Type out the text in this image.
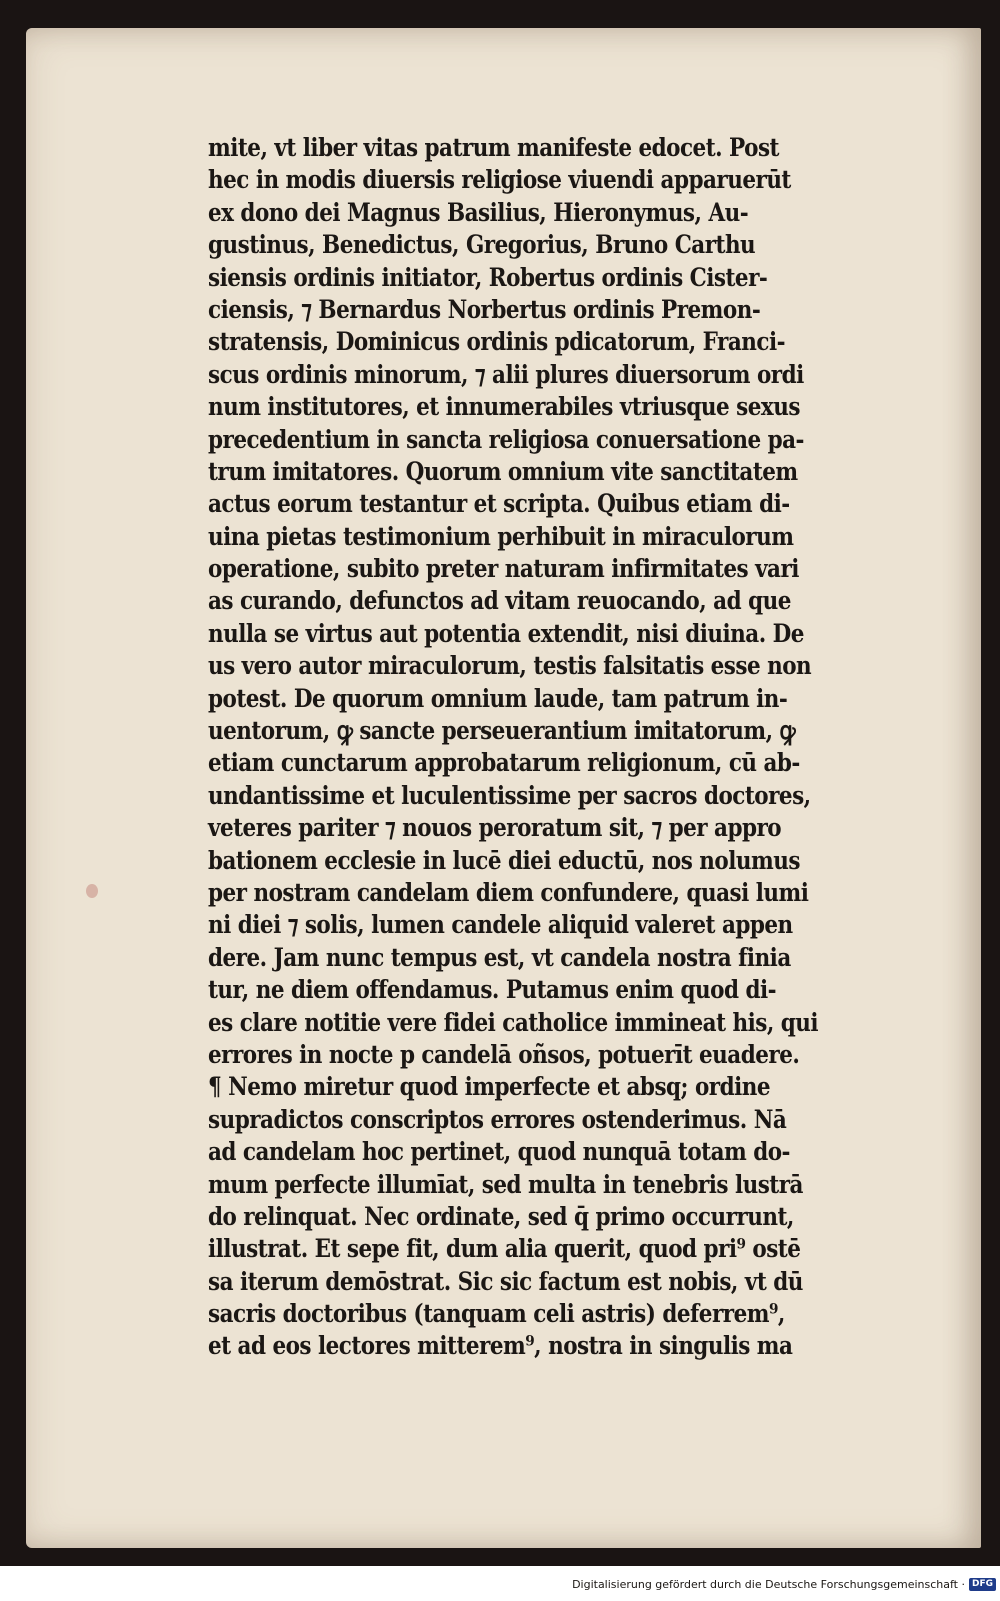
mite, vt liber vitas patrum manifeste edocet. Post
hec in modis diuersis religiose viuendi apparuerūt
ex dono dei Magnus Basilius, Hieronymus, Au-
gustinus, Benedictus, Gregorius, Bruno Carthu
siensis ordinis initiator, Robertus ordinis Cister-
ciensis, ⁊ Bernardus Norbertus ordinis Premon-
stratensis, Dominicus ordinis pdicatorum, Franci-
scus ordinis minorum, ⁊ alii plures diuersorum ordi
num institutores, et innumerabiles vtriusque sexus
precedentium in sancta religiosa conuersatione pa-
trum imitatores. Quorum omnium vite sanctitatem
actus eorum testantur et scripta. Quibus etiam di-
uina pietas testimonium perhibuit in miraculorum
operatione, subito preter naturam infirmitates vari
as curando, defunctos ad vitam reuocando, ad que
nulla se virtus aut potentia extendit, nisi diuina. De
us vero autor miraculorum, testis falsitatis esse non
potest. De quorum omnium laude, tam patrum in-
uentorum, ꝙ sancte perseuerantium imitatorum, ꝙ
etiam cunctarum approbatarum religionum, cū ab-
undantissime et luculentissime per sacros doctores,
veteres pariter ⁊ nouos peroratum sit, ⁊ per appro
bationem ecclesie in lucē diei eductū, nos nolumus
per nostram candelam diem confundere, quasi lumi
ni diei ⁊ solis, lumen candele aliquid valeret appen
dere. Jam nunc tempus est, vt candela nostra finia
tur, ne diem offendamus. Putamus enim quod di-
es clare notitie vere fidei catholice immineat his, qui
errores in nocte p candelā oñsos, potuerīt euadere.
¶ Nemo miretur quod imperfecte et absq; ordine
supradictos conscriptos errores ostenderimus. Nā
ad candelam hoc pertinet, quod nunquā totam do-
mum perfecte illumīat, sed multa in tenebris lustrā
do relinquat. Nec ordinate, sed q̄ primo occurrunt,
illustrat. Et sepe fit, dum alia querit, quod pri⁹ ostē
sa iterum demōstrat. Sic sic factum est nobis, vt dū
sacris doctoribus (tanquam celi astris) deferrem⁹,
et ad eos lectores mitterem⁹, nostra in singulis ma
Digitalisierung gefördert durch die Deutsche Forschungsgemeinschaft · DFG
